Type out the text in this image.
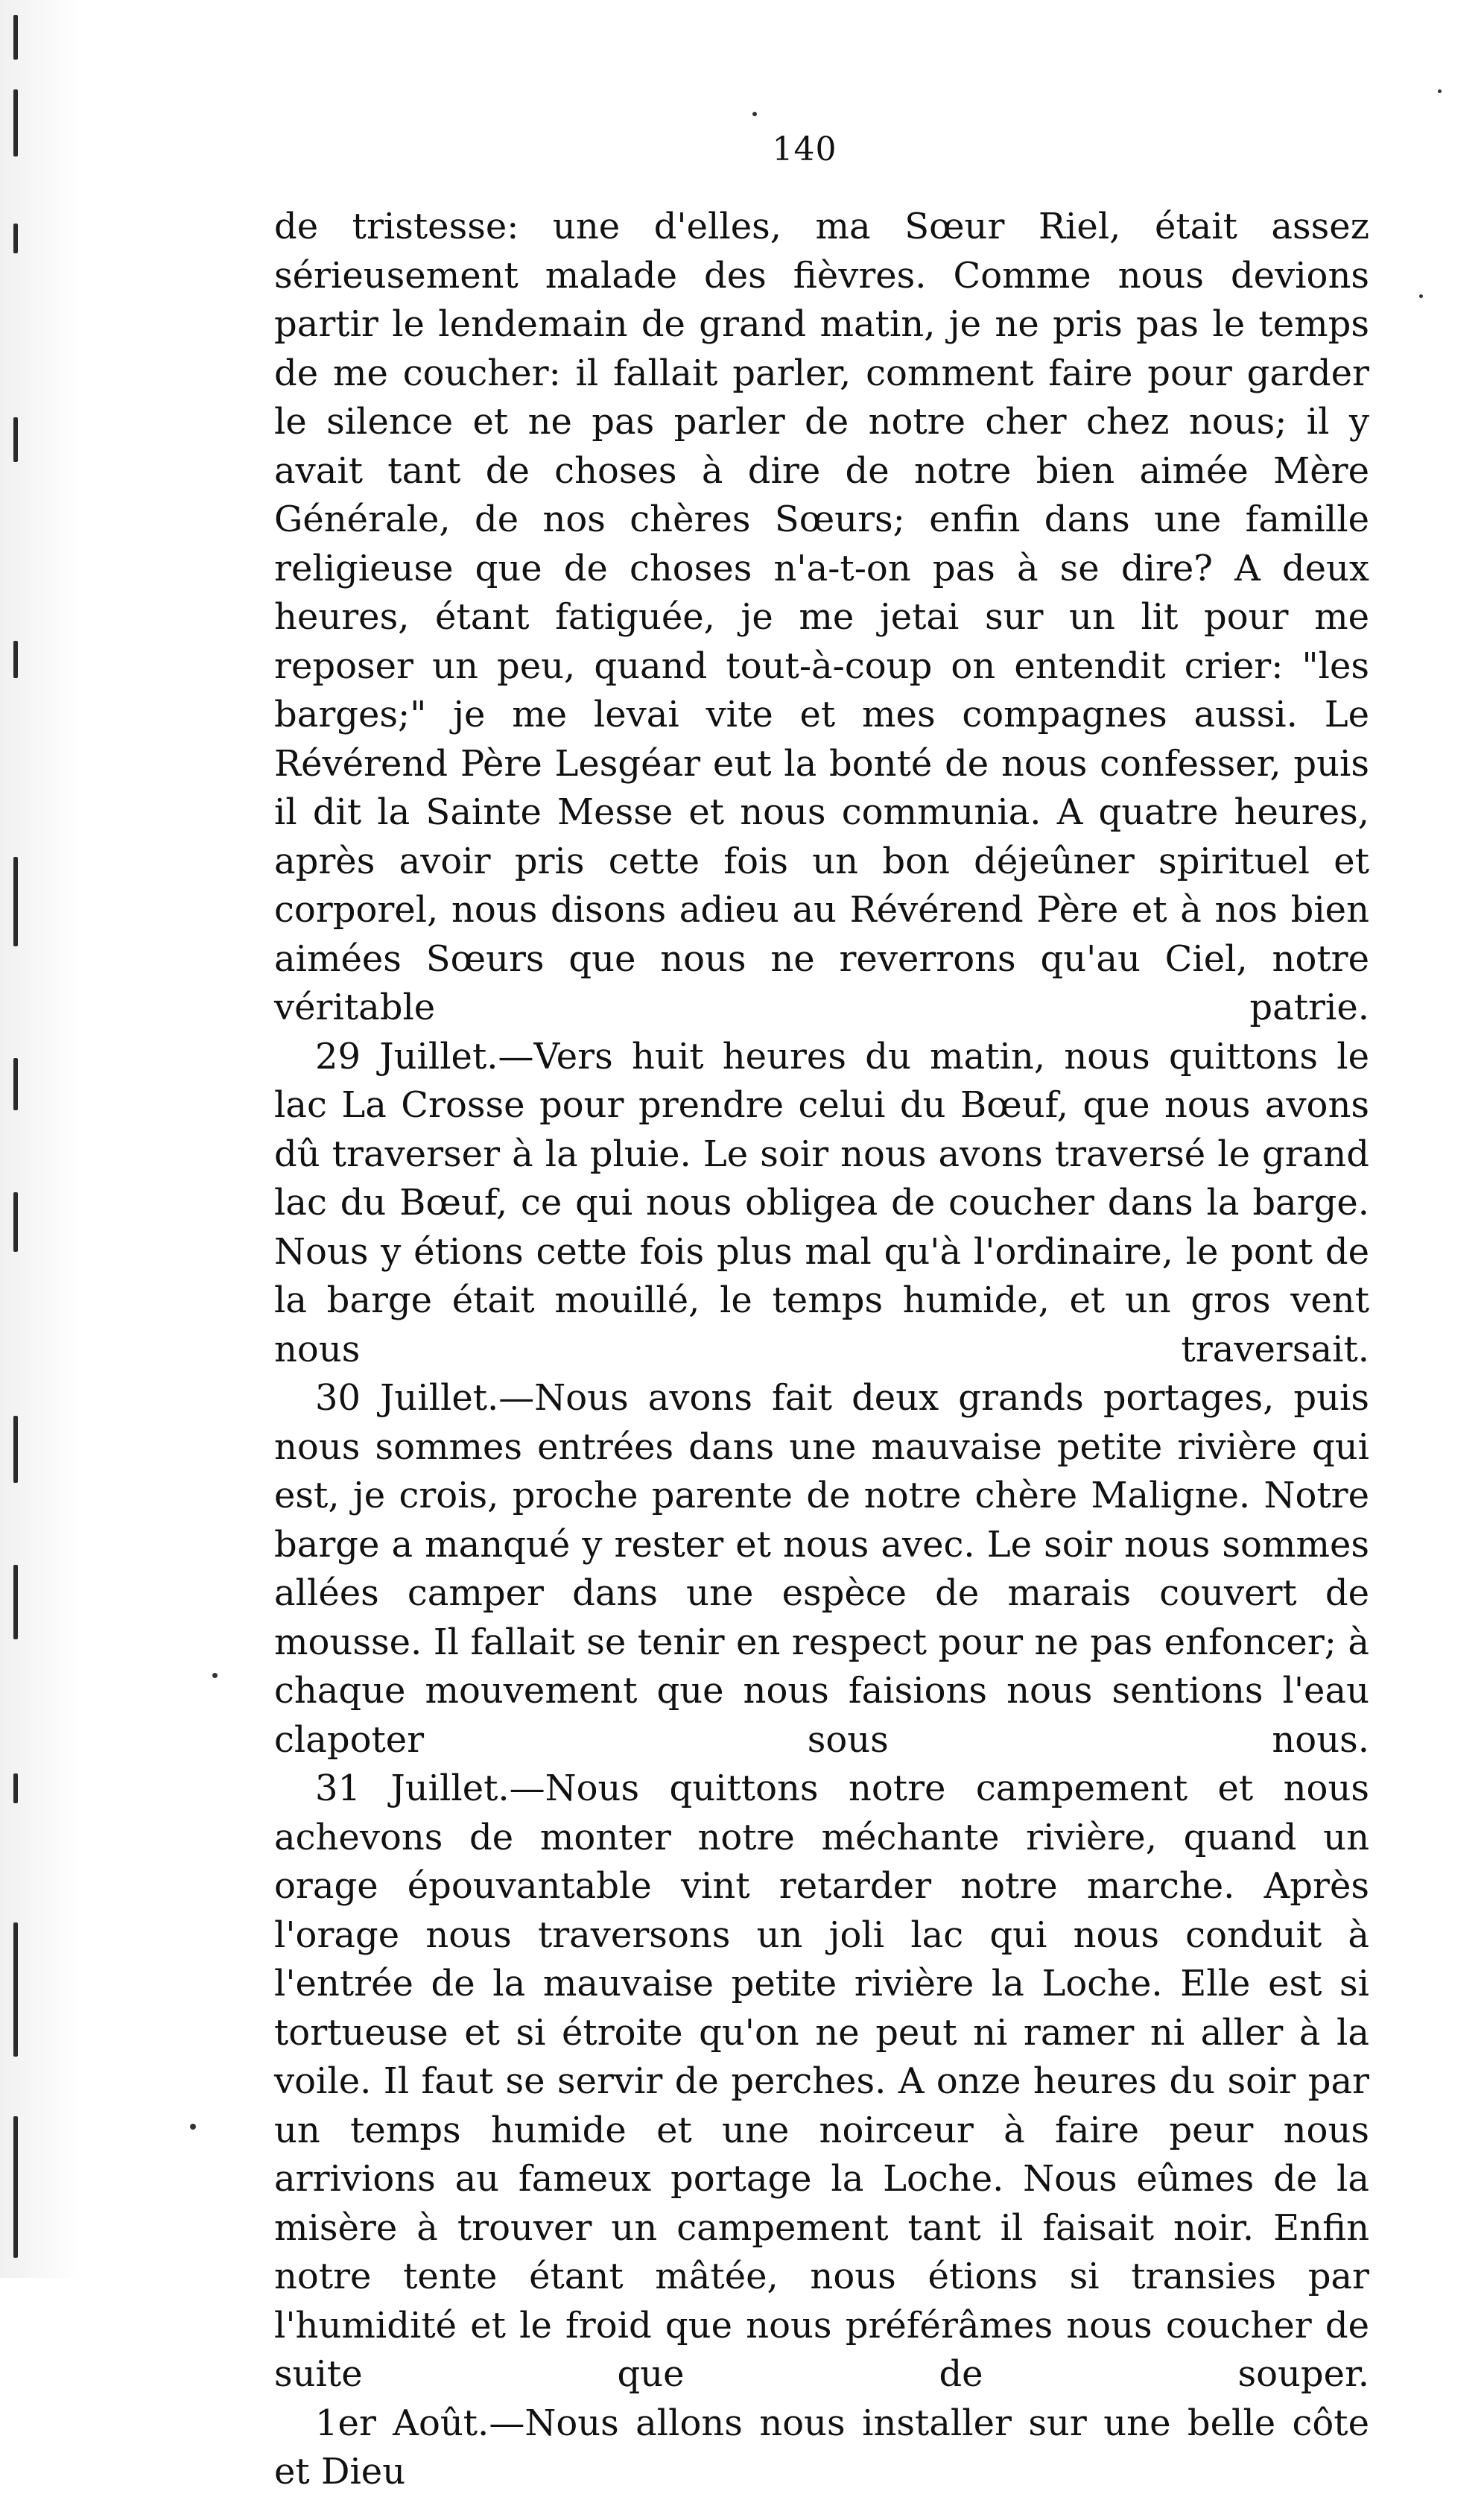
140

de tristesse: une d'elles, ma Sœur Riel, était assez sérieusement malade des fièvres. Comme nous devions partir le lendemain de grand matin, je ne pris pas le temps de me coucher: il fallait parler, comment faire pour garder le silence et ne pas parler de notre cher chez nous; il y avait tant de choses à dire de notre bien aimée Mère Générale, de nos chères Sœurs; enfin dans une famille religieuse que de choses n'a-t-on pas à se dire? A deux heures, étant fatiguée, je me jetai sur un lit pour me reposer un peu, quand tout-à-coup on entendit crier: "les barges;" je me levai vite et mes compagnes aussi. Le Révérend Père Lesgéar eut la bonté de nous confesser, puis il dit la Sainte Messe et nous communia. A quatre heures, après avoir pris cette fois un bon déjeûner spirituel et corporel, nous disons adieu au Révérend Père et à nos bien aimées Sœurs que nous ne reverrons qu'au Ciel, notre véritable patrie.

29 Juillet.—Vers huit heures du matin, nous quittons le lac La Crosse pour prendre celui du Bœuf, que nous avons dû traverser à la pluie. Le soir nous avons traversé le grand lac du Bœuf, ce qui nous obligea de coucher dans la barge. Nous y étions cette fois plus mal qu'à l'ordinaire, le pont de la barge était mouillé, le temps humide, et un gros vent nous traversait.

30 Juillet.—Nous avons fait deux grands portages, puis nous sommes entrées dans une mauvaise petite rivière qui est, je crois, proche parente de notre chère Maligne. Notre barge a manqué y rester et nous avec. Le soir nous sommes allées camper dans une espèce de marais couvert de mousse. Il fallait se tenir en respect pour ne pas enfoncer; à chaque mouvement que nous faisions nous sentions l'eau clapoter sous nous.

31 Juillet.—Nous quittons notre campement et nous achevons de monter notre méchante rivière, quand un orage épouvantable vint retarder notre marche. Après l'orage nous traversons un joli lac qui nous conduit à l'entrée de la mauvaise petite rivière la Loche. Elle est si tortueuse et si étroite qu'on ne peut ni ramer ni aller à la voile. Il faut se servir de perches. A onze heures du soir par un temps humide et une noirceur à faire peur nous arrivions au fameux portage la Loche. Nous eûmes de la misère à trouver un campement tant il faisait noir. Enfin notre tente étant mâtée, nous étions si transies par l'humidité et le froid que nous préférâmes nous coucher de suite que de souper.

1er Août.—Nous allons nous installer sur une belle côte et Dieu
